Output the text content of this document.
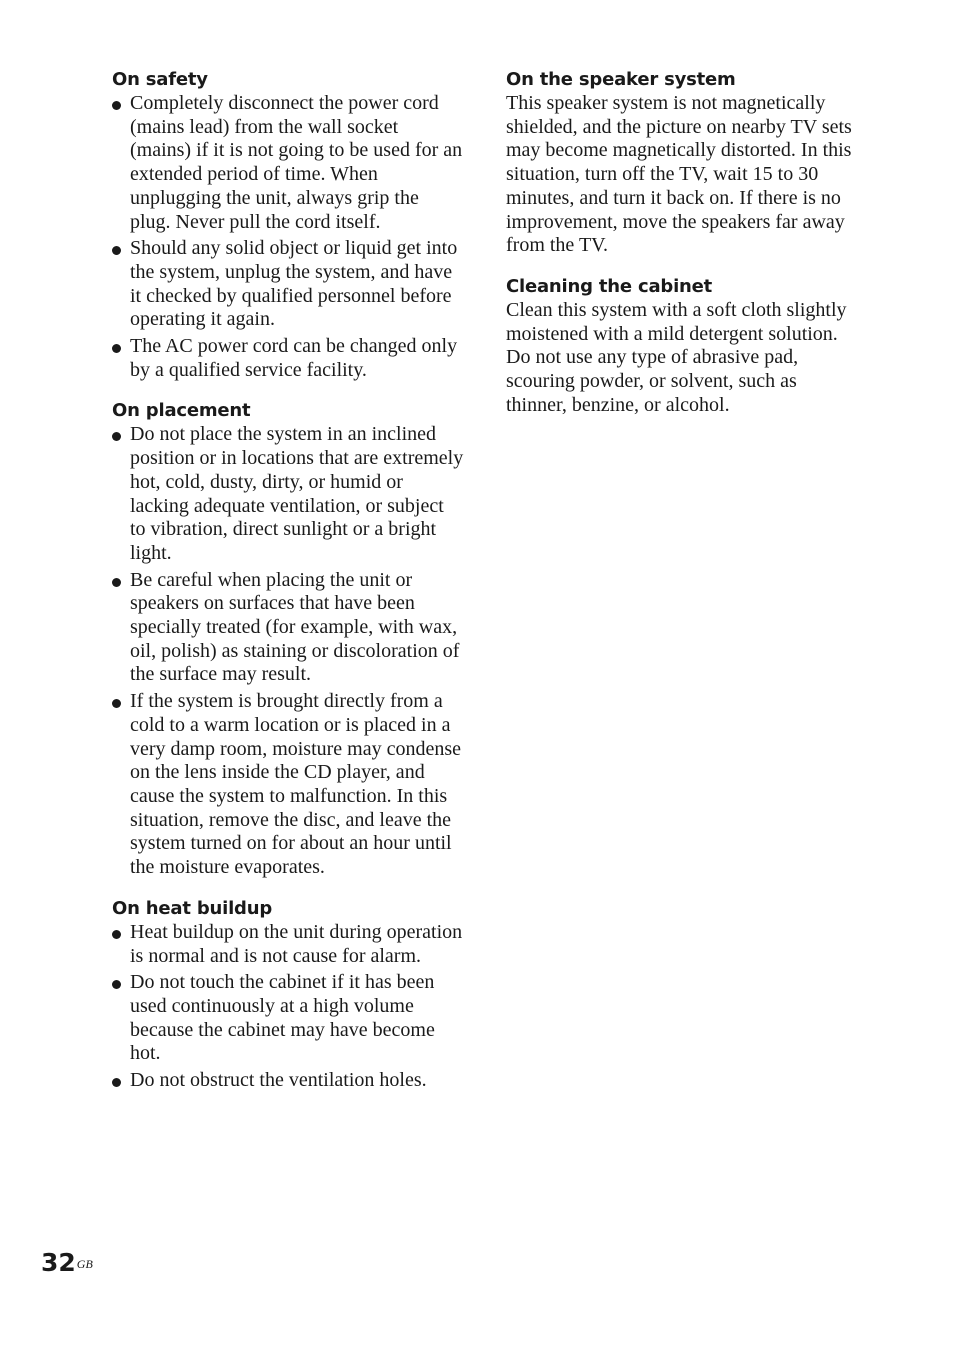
On safety
Completely disconnect the power cord (mains lead) from the wall socket (mains) if it is not going to be used for an extended period of time. When unplugging the unit, always grip the plug. Never pull the cord itself.
Should any solid object or liquid get into the system, unplug the system, and have it checked by qualified personnel before operating it again.
The AC power cord can be changed only by a qualified service facility.
On placement
Do not place the system in an inclined position or in locations that are extremely hot, cold, dusty, dirty, or humid or lacking adequate ventilation, or subject to vibration, direct sunlight or a bright light.
Be careful when placing the unit or speakers on surfaces that have been specially treated (for example, with wax, oil, polish) as staining or discoloration of the surface may result.
If the system is brought directly from a cold to a warm location or is placed in a very damp room, moisture may condense on the lens inside the CD player, and cause the system to malfunction. In this situation, remove the disc, and leave the system turned on for about an hour until the moisture evaporates.
On heat buildup
Heat buildup on the unit during operation is normal and is not cause for alarm.
Do not touch the cabinet if it has been used continuously at a high volume because the cabinet may have become hot.
Do not obstruct the ventilation holes.
On the speaker system

This speaker system is not magnetically shielded, and the picture on nearby TV sets may become magnetically distorted. In this situation, turn off the TV, wait 15 to 30 minutes, and turn it back on. If there is no improvement, move the speakers far away from the TV.

Cleaning the cabinet

Clean this system with a soft cloth slightly moistened with a mild detergent solution. Do not use any type of abrasive pad, scouring powder, or solvent, such as thinner, benzine, or alcohol.

$32^{GB}$
